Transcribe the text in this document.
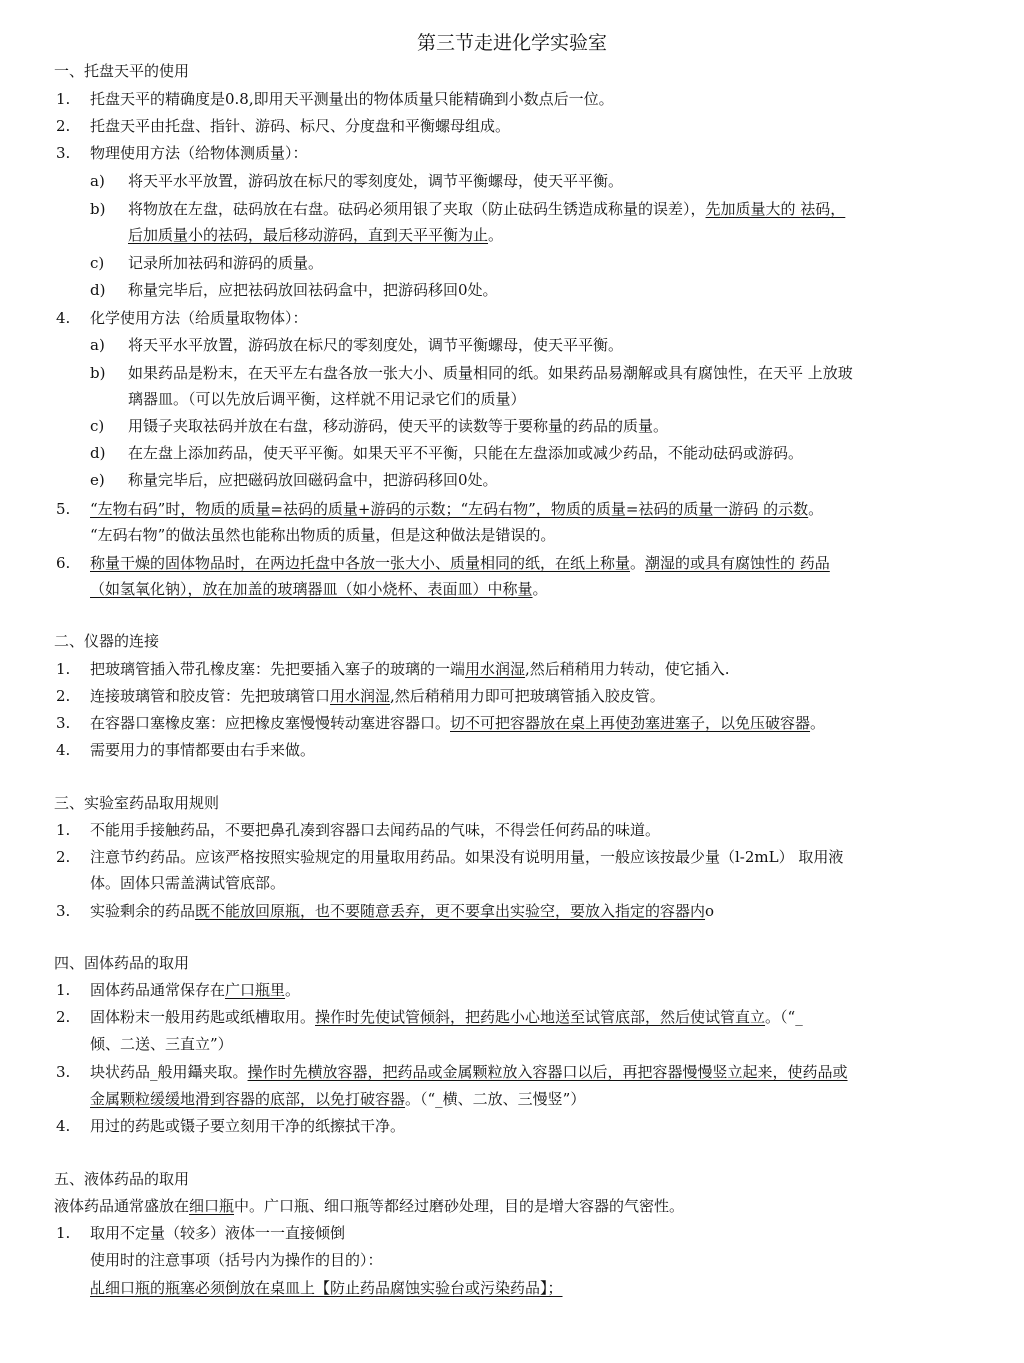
第三节走进化学实验室
一、托盘天平的使用
1. 托盘天平的精确度是0.8,即用天平测量出的物体质量只能精确到小数点后一位。
2. 托盘天平由托盘、指针、游码、标尺、分度盘和平衡螺母组成。
3. 物理使用方法（给物体测质量）：
a) 将天平水平放置，游码放在标尺的零刻度处，调节平衡螺母，使天平平衡。
b) 将物放在左盘，砝码放在右盘。砝码必须用银了夹取（防止砝码生锈造成称量的误差），先加质量大的 祛码，
后加质量小的祛码，最后移动游码，直到天平平衡为止。
c) 记录所加祛码和游码的质量。
d) 称量完毕后，应把祛码放回祛码盒中，把游码移回0处。
4. 化学使用方法（给质量取物体）：
a) 将天平水平放置，游码放在标尺的零刻度处，调节平衡螺母，使天平平衡。
b) 如果药品是粉末，在天平左右盘各放一张大小、质量相同的纸。如果药品易潮解或具有腐蚀性，在天平 上放玻
璃器皿。（可以先放后调平衡，这样就不用记录它们的质量）
c) 用镊子夹取祛码并放在右盘，移动游码，使天平的读数等于要称量的药品的质量。
d) 在左盘上添加药品，使天平平衡。如果天平不平衡，只能在左盘添加或减少药品，不能动砝码或游码。
e) 称量完毕后，应把磁码放回磁码盒中，把游码移回0处。
5. “左物右码”时，物质的质量=祛码的质量+游码的示数；“左码右物”，物质的质量=祛码的质量一游码 的示数。
“左码右物”的做法虽然也能称出物质的质量，但是这种做法是错误的。
6. 称量干燥的固体物品时，在两边托盘中各放一张大小、质量相同的纸，在纸上称量。潮湿的或具有腐蚀性的 药品
（如氢氧化钠），放在加盖的玻璃器皿（如小烧杯、表面皿）中称量。
二、仪器的连接
1. 把玻璃管插入带孔橡皮塞：先把要插入塞子的玻璃的一端用水润湿,然后稍稍用力转动，使它插入.
2. 连接玻璃管和胶皮管：先把玻璃管口用水润湿,然后稍稍用力即可把玻璃管插入胶皮管。
3. 在容器口塞橡皮塞：应把橡皮塞慢慢转动塞进容器口。切不可把容器放在桌上再使劲塞进塞子，以免压破容器。
4. 需要用力的事情都要由右手来做。
三、实验室药品取用规则
1. 不能用手接触药品，不要把鼻孔凑到容器口去闻药品的气味，不得尝任何药品的味道。
2. 注意节约药品。应该严格按照实验规定的用量取用药品。如果没有说明用量，一般应该按最少量（l-2mL） 取用液
体。固体只需盖满试管底部。
3. 实验剩余的药品既不能放回原瓶，也不要随意丢弃，更不要拿出实验空，要放入指定的容器内o
四、固体药品的取用
1. 固体药品通常保存在广口瓶里。
2. 固体粉末一般用药匙或纸槽取用。操作时先使试管倾斜，把药匙小心地送至试管底部，然后使试管直立。（“_
倾、二送、三直立”）
3. 块状药品_般用鑷夹取。操作时先横放容器，把药品或金属颗粒放入容器口以后，再把容器慢慢竖立起来，使药品或
金属颗粒缓缓地滑到容器的底部，以免打破容器。（“_横、二放、三慢竖”）
4. 用过的药匙或镊子要立刻用干净的纸擦拭干净。
五、液体药品的取用
液体药品通常盛放在细口瓶中。广口瓶、细口瓶等都经过磨砂处理，目的是增大容器的气密性。
1. 取用不定量（较多）液体一一直接倾倒
使用时的注意事项（括号内为操作的目的）：
乩细口瓶的瓶塞必须倒放在桌皿上【防止药品腐蚀实验台或污染药品】；
